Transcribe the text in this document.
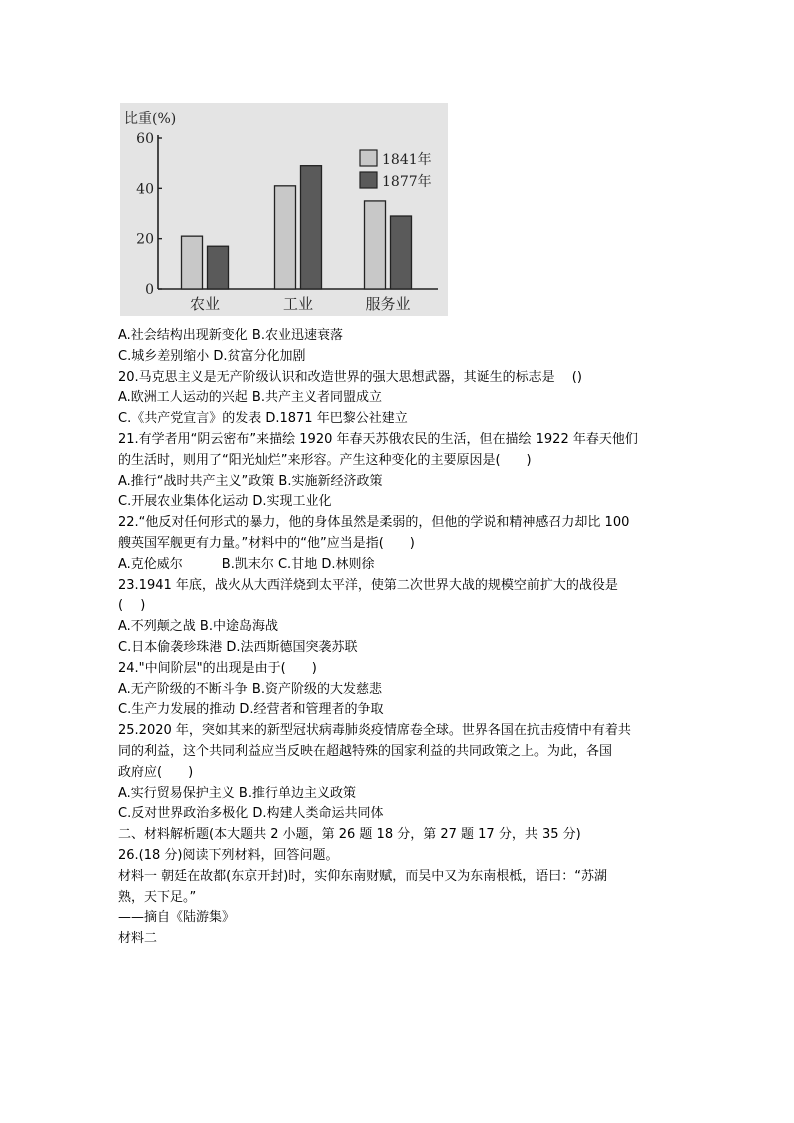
比重(%)
0
20
40
60
农业	工业	服务业
1841年
1877年
A.社会结构出现新变化 B.农业迅速衰落
C.城乡差别缩小 D.贫富分化加剧
20.马克思主义是无产阶级认识和改造世界的强大思想武器，其诞生的标志是　 ()
A.欧洲工人运动的兴起 B.共产主义者同盟成立
C.《共产党宣言》的发表 D.1871 年巴黎公社建立
21.有学者用“阴云密布”来描绘 1920 年春天苏俄农民的生活，但在描绘 1922 年春天他们
的生活时，则用了“阳光灿烂”来形容。产生这种变化的主要原因是(　　)
A.推行“战时共产主义”政策 B.实施新经济政策
C.开展农业集体化运动 D.实现工业化
22.“他反对任何形式的暴力，他的身体虽然是柔弱的，但他的学说和精神感召力却比 100
艘英国军舰更有力量。”材料中的“他”应当是指(　　)
A.克伦威尔　　　B.凯末尔 C.甘地 D.林则徐
23.1941 年底，战火从大西洋烧到太平洋，使第二次世界大战的规模空前扩大的战役是
(　 )
A.不列颠之战 B.中途岛海战
C.日本偷袭珍珠港 D.法西斯德国突袭苏联
24."中间阶层"的出现是由于(　　)
A.无产阶级的不断斗争 B.资产阶级的大发慈悲
C.生产力发展的推动 D.经营者和管理者的争取
25.2020 年，突如其来的新型冠状病毒肺炎疫情席卷全球。世界各国在抗击疫情中有着共
同的利益，这个共同利益应当反映在超越特殊的国家利益的共同政策之上。为此，各国
政府应(　　)
A.实行贸易保护主义 B.推行单边主义政策
C.反对世界政治多极化 D.构建人类命运共同体
二、材料解析题(本大题共 2 小题，第 26 题 18 分，第 27 题 17 分，共 35 分)
26.(18 分)阅读下列材料，回答问题。
材料一 朝廷在故都(东京开封)时，实仰东南财赋，而吴中又为东南根柢，语曰：“苏湖
熟，天下足。”
——摘自《陆游集》
材料二
